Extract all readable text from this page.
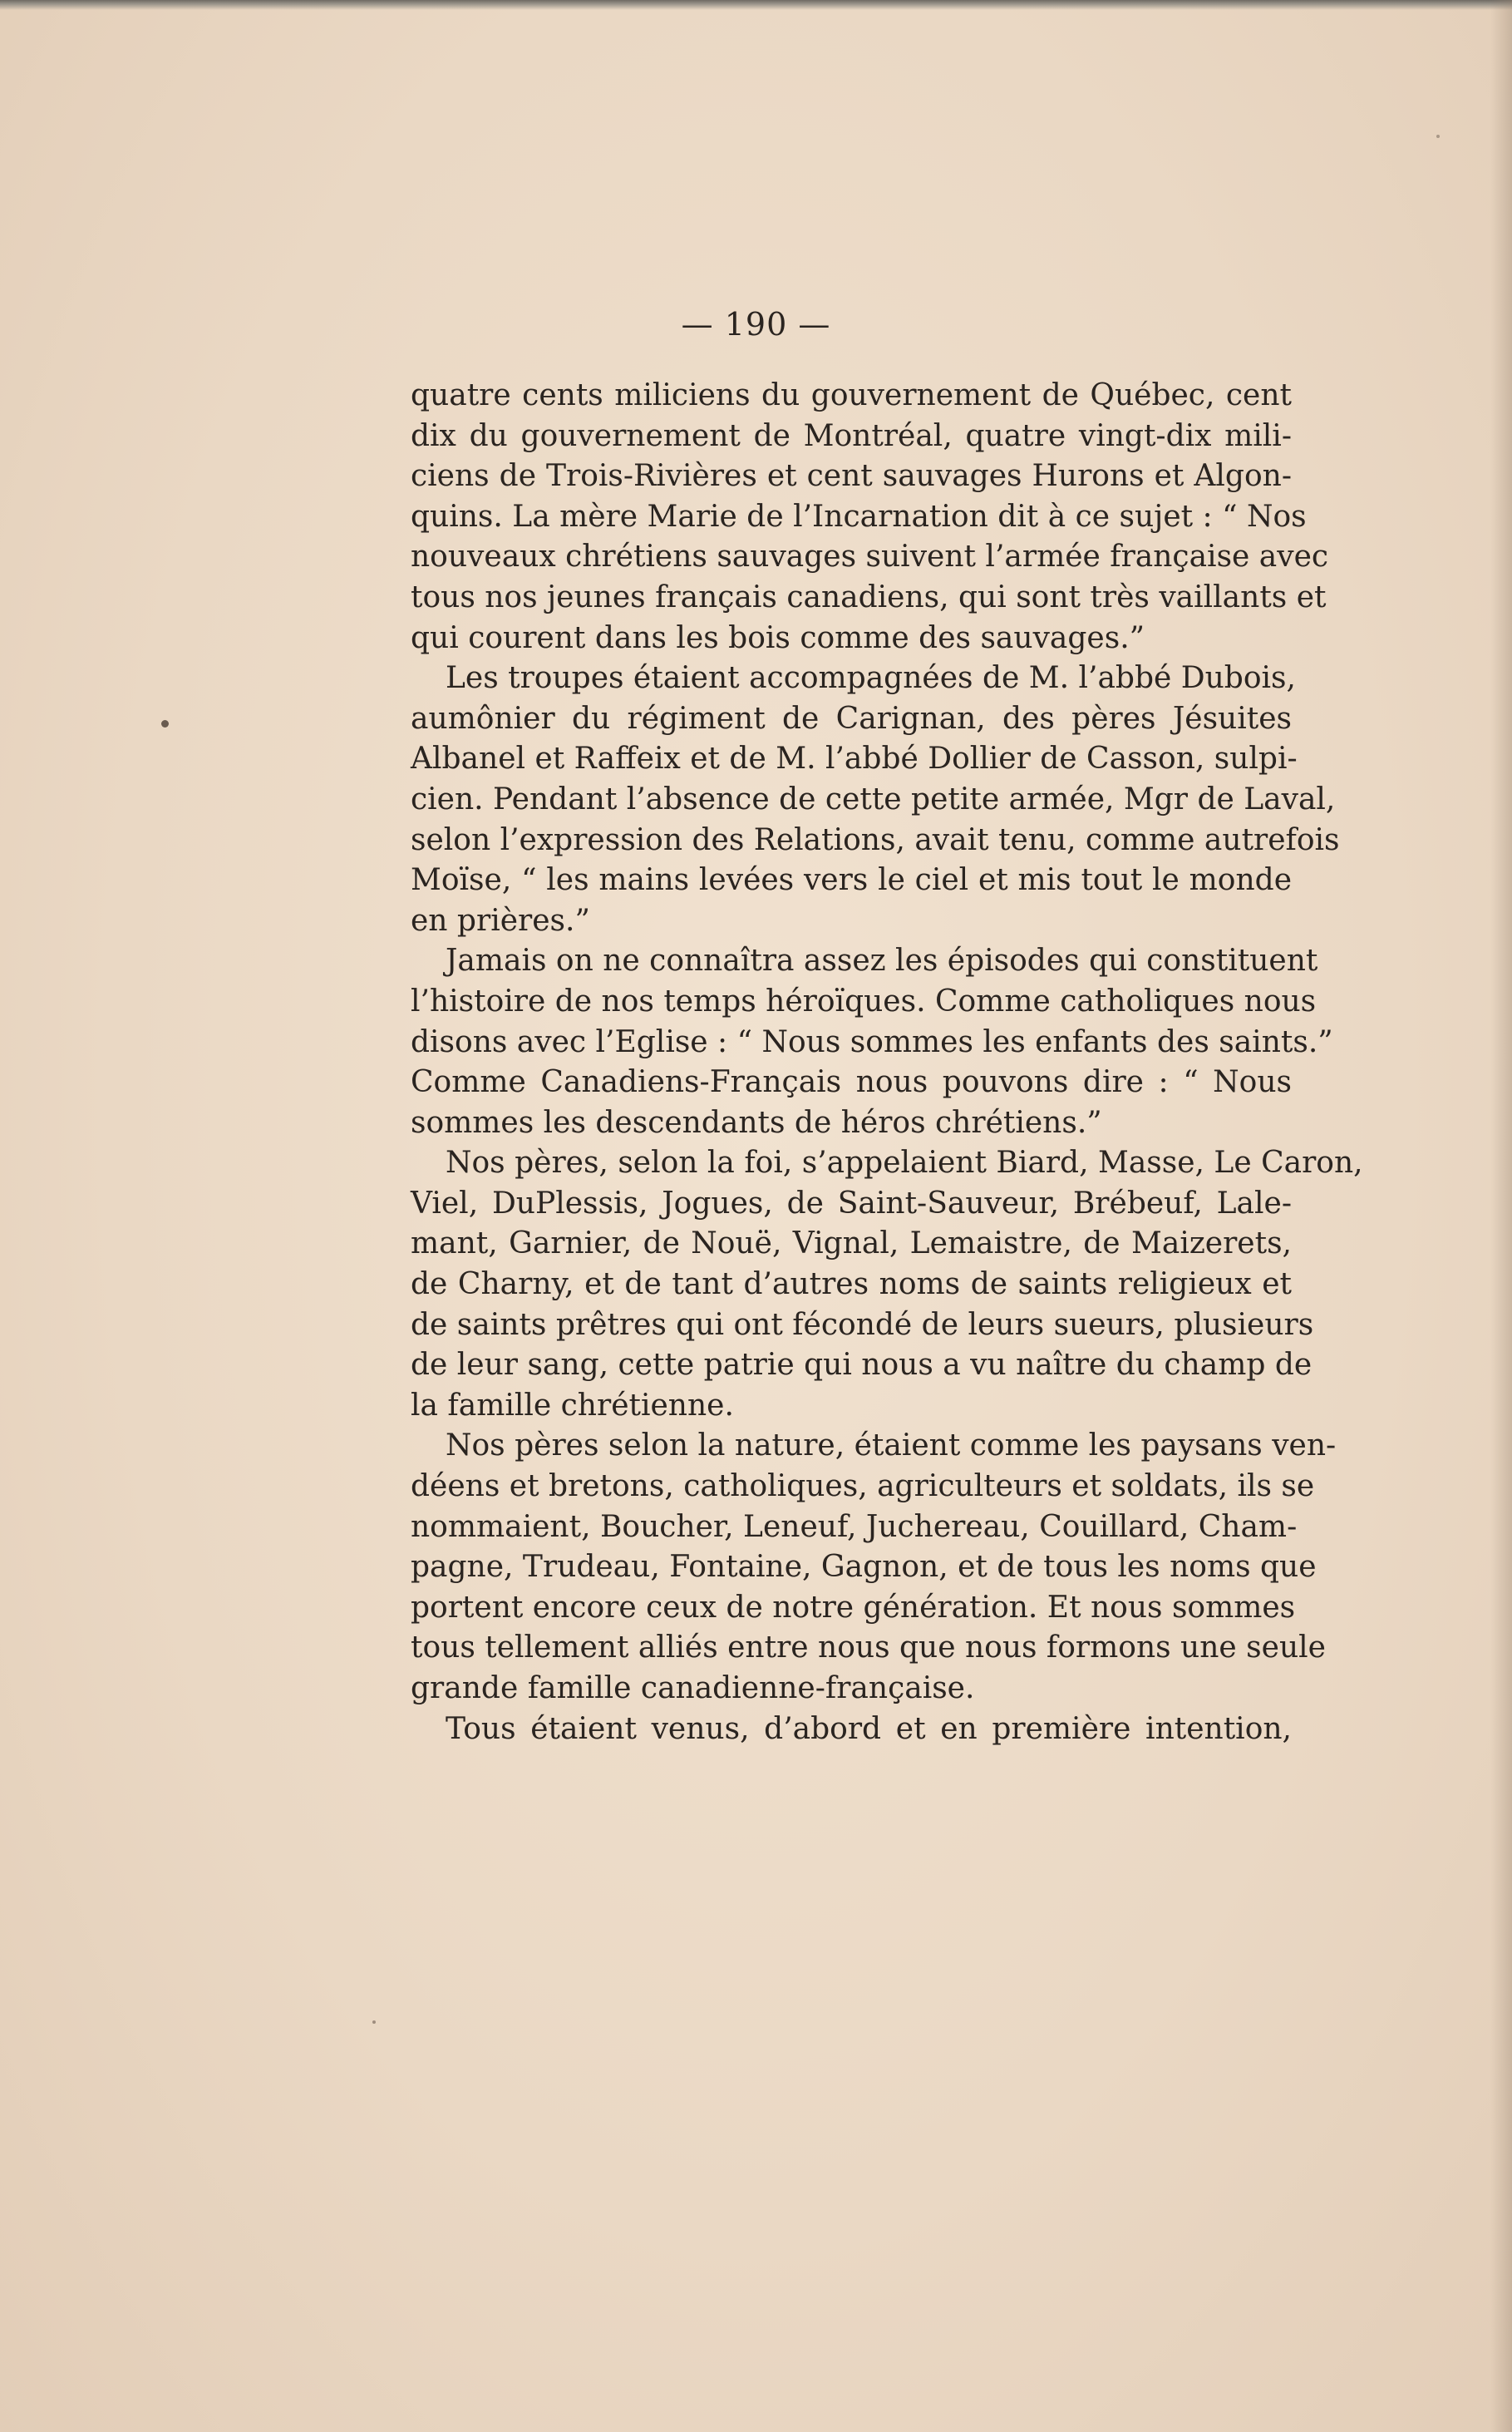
— 190 —
quatre cents miliciens du gouvernement de Québec, cent
dix du gouvernement de Montréal, quatre vingt-dix mili-
ciens de Trois-Rivières et cent sauvages Hurons et Algon-
quins. La mère Marie de l’Incarnation dit à ce sujet : “ Nos
nouveaux chrétiens sauvages suivent l’armée française avec
tous nos jeunes français canadiens, qui sont très vaillants et
qui courent dans les bois comme des sauvages.”
Les troupes étaient accompagnées de M. l’abbé Dubois,
aumônier du régiment de Carignan, des pères Jésuites
Albanel et Raffeix et de M. l’abbé Dollier de Casson, sulpi-
cien. Pendant l’absence de cette petite armée, Mgr de Laval,
selon l’expression des Relations, avait tenu, comme autrefois
Moïse, “ les mains levées vers le ciel et mis tout le monde
en prières.”
Jamais on ne connaîtra assez les épisodes qui constituent
l’histoire de nos temps héroïques. Comme catholiques nous
disons avec l’Eglise : “ Nous sommes les enfants des saints.”
Comme Canadiens-Français nous pouvons dire : “ Nous
sommes les descendants de héros chrétiens.”
Nos pères, selon la foi, s’appelaient Biard, Masse, Le Caron,
Viel, DuPlessis, Jogues, de Saint-Sauveur, Brébeuf, Lale-
mant, Garnier, de Nouë, Vignal, Lemaistre, de Maizerets,
de Charny, et de tant d’autres noms de saints religieux et
de saints prêtres qui ont fécondé de leurs sueurs, plusieurs
de leur sang, cette patrie qui nous a vu naître du champ de
la famille chrétienne.
Nos pères selon la nature, étaient comme les paysans ven-
déens et bretons, catholiques, agriculteurs et soldats, ils se
nommaient, Boucher, Leneuf, Juchereau, Couillard, Cham-
pagne, Trudeau, Fontaine, Gagnon, et de tous les noms que
portent encore ceux de notre génération. Et nous sommes
tous tellement alliés entre nous que nous formons une seule
grande famille canadienne-française.
Tous étaient venus, d’abord et en première intention,
